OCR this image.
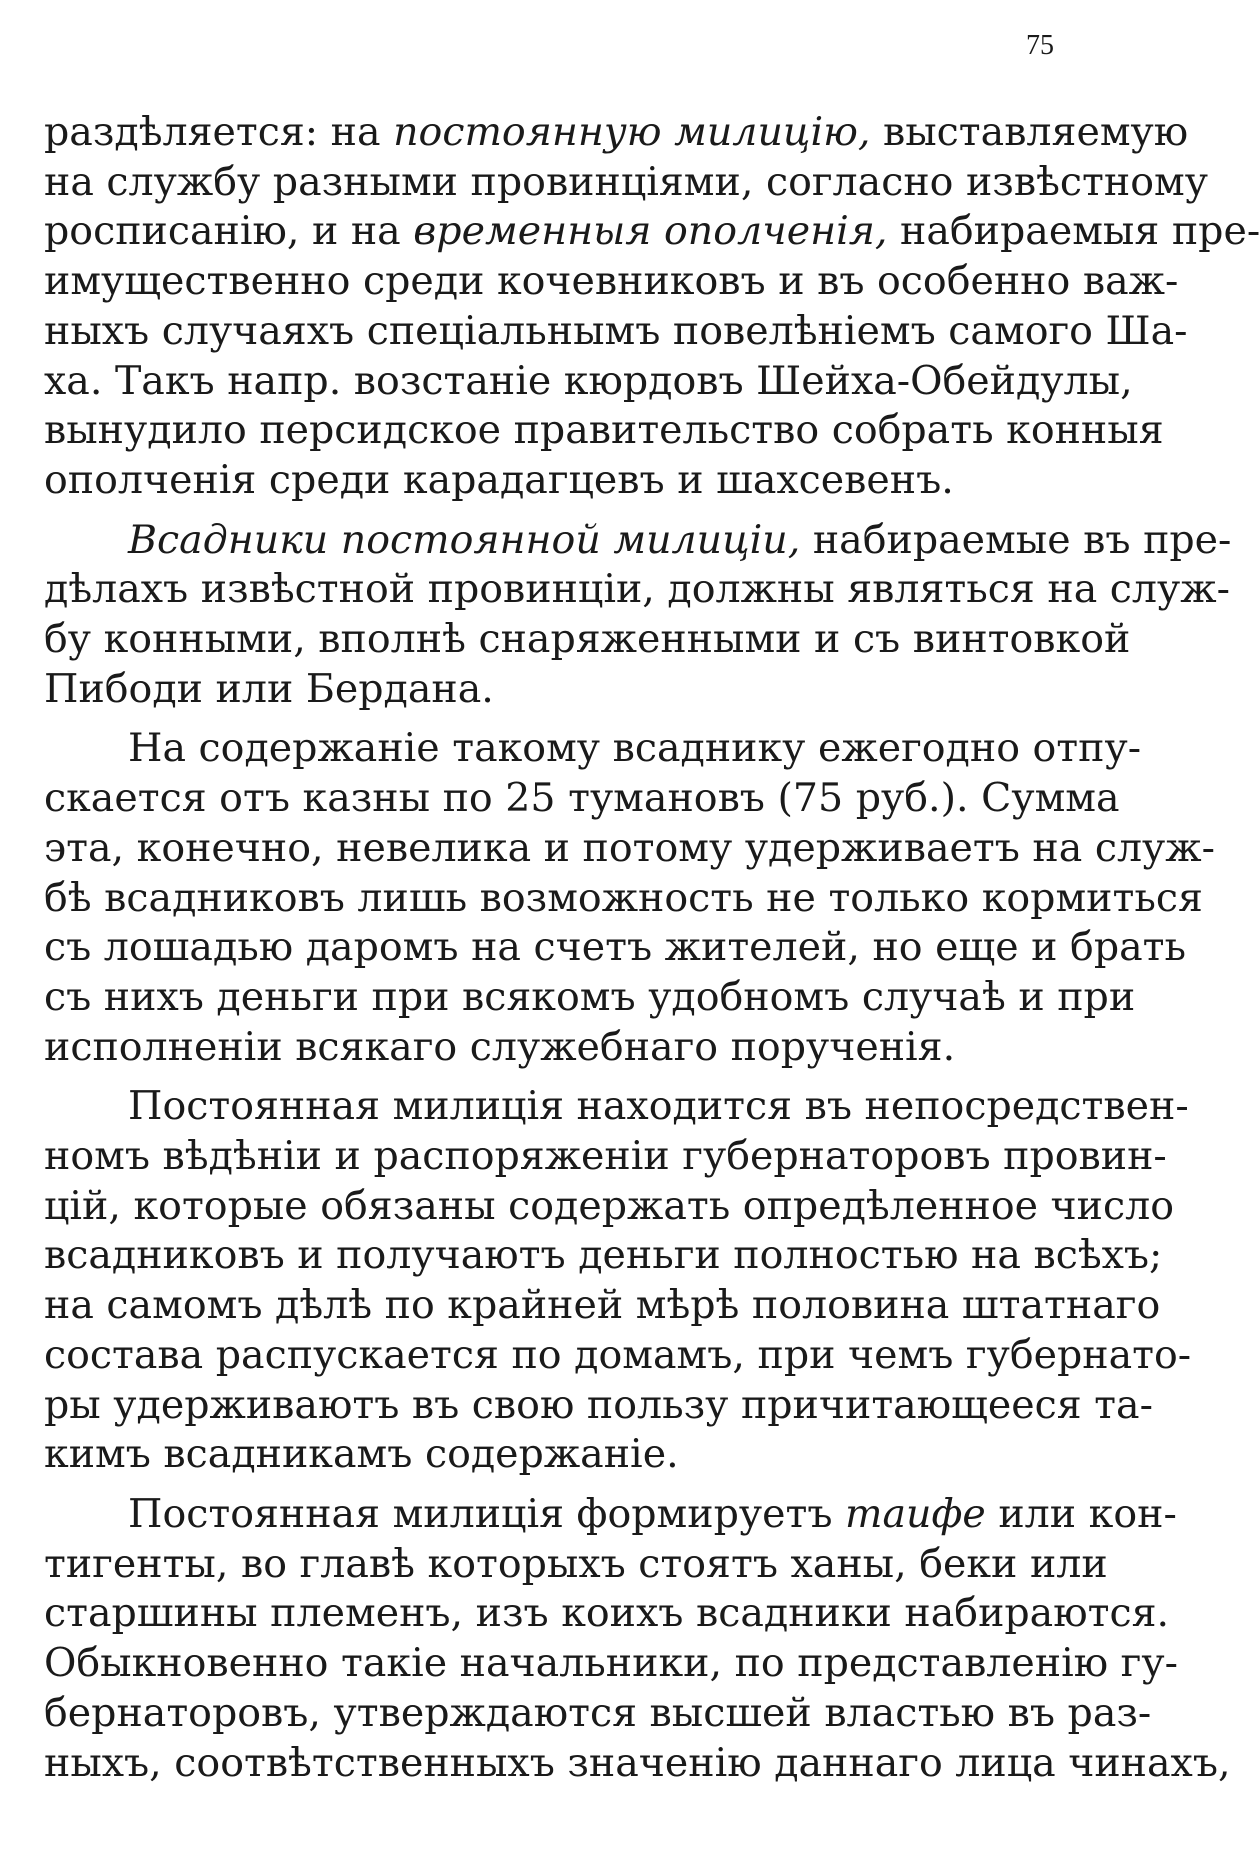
75
раздѣляется: на постоянную милицію, выставляемую
на службу разными провинціями, согласно извѣстному
росписанію, и на временныя ополченія, набираемыя пре-
имущественно среди кочевниковъ и въ особенно важ-
ныхъ случаяхъ спеціальнымъ повелѣніемъ самого Ша-
ха. Такъ напр. возстаніе кюрдовъ Шейха-Обейдулы,
вынудило персидское правительство собрать конныя
ополченія среди карадагцевъ и шахсевенъ.
Всадники постоянной милиціи, набираемые въ пре-
дѣлахъ извѣстной провинціи, должны являться на служ-
бу конными, вполнѣ снаряженными и съ винтовкой
Пибоди или Бердана.
На содержаніе такому всаднику ежегодно отпу-
скается отъ казны по 25 тумановъ (75 руб.). Сумма
эта, конечно, невелика и потому удерживаетъ на служ-
бѣ всадниковъ лишь возможность не только кормиться
съ лошадью даромъ на счетъ жителей, но еще и брать
съ нихъ деньги при всякомъ удобномъ случаѣ и при
исполненіи всякаго служебнаго порученія.
Постоянная милиція находится въ непосредствен-
номъ вѣдѣніи и распоряженіи губернаторовъ провин-
цій, которые обязаны содержать опредѣленное число
всадниковъ и получаютъ деньги полностью на всѣхъ;
на самомъ дѣлѣ по крайней мѣрѣ половина штатнаго
состава распускается по домамъ, при чемъ губернато-
ры удерживаютъ въ свою пользу причитающееся та-
кимъ всадникамъ содержаніе.
Постоянная милиція формируетъ таифе или кон-
тигенты, во главѣ которыхъ стоятъ ханы, беки или
старшины племенъ, изъ коихъ всадники набираются.
Обыкновенно такіе начальники, по представленію гу-
бернаторовъ, утверждаются высшей властью въ раз-
ныхъ, соотвѣтственныхъ значенію даннаго лица чинахъ,
